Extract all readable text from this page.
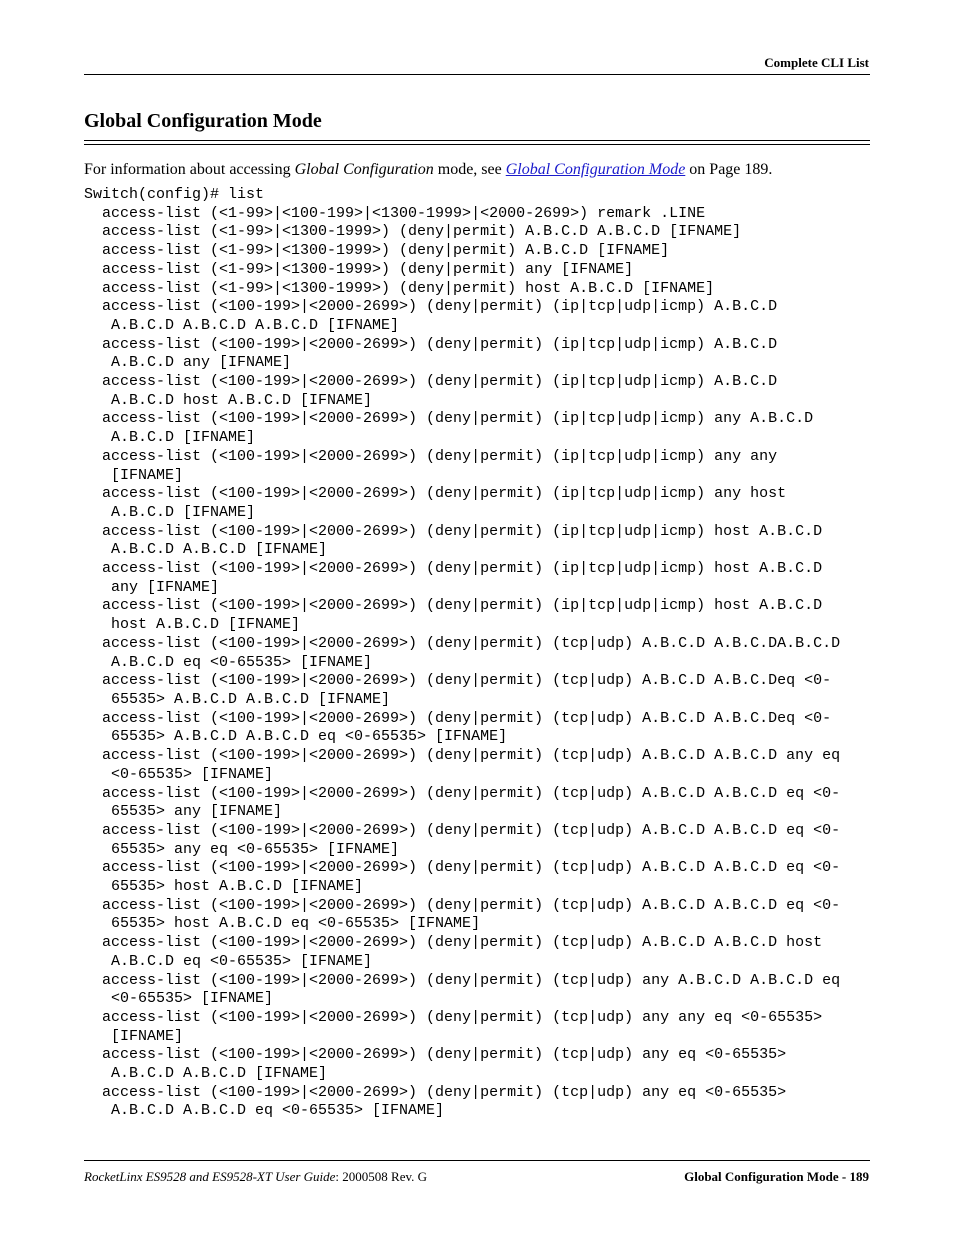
Complete CLI List
Global Configuration Mode

For information about accessing Global Configuration mode, see Global Configuration Mode on Page 189.

Switch(config)# list
access-list (<1-99>|<100-199>|<1300-1999>|<2000-2699>) remark .LINE
access-list (<1-99>|<1300-1999>) (deny|permit) A.B.C.D A.B.C.D [IFNAME]
access-list (<1-99>|<1300-1999>) (deny|permit) A.B.C.D [IFNAME]
access-list (<1-99>|<1300-1999>) (deny|permit) any [IFNAME]
access-list (<1-99>|<1300-1999>) (deny|permit) host A.B.C.D [IFNAME]
access-list (<100-199>|<2000-2699>) (deny|permit) (ip|tcp|udp|icmp) A.B.C.D
A.B.C.D A.B.C.D A.B.C.D [IFNAME]
access-list (<100-199>|<2000-2699>) (deny|permit) (ip|tcp|udp|icmp) A.B.C.D
A.B.C.D any [IFNAME]
access-list (<100-199>|<2000-2699>) (deny|permit) (ip|tcp|udp|icmp) A.B.C.D
A.B.C.D host A.B.C.D [IFNAME]
access-list (<100-199>|<2000-2699>) (deny|permit) (ip|tcp|udp|icmp) any A.B.C.D
A.B.C.D [IFNAME]
access-list (<100-199>|<2000-2699>) (deny|permit) (ip|tcp|udp|icmp) any any
[IFNAME]
access-list (<100-199>|<2000-2699>) (deny|permit) (ip|tcp|udp|icmp) any host
A.B.C.D [IFNAME]
access-list (<100-199>|<2000-2699>) (deny|permit) (ip|tcp|udp|icmp) host A.B.C.D
A.B.C.D A.B.C.D [IFNAME]
access-list (<100-199>|<2000-2699>) (deny|permit) (ip|tcp|udp|icmp) host A.B.C.D
any [IFNAME]
access-list (<100-199>|<2000-2699>) (deny|permit) (ip|tcp|udp|icmp) host A.B.C.D
host A.B.C.D [IFNAME]
access-list (<100-199>|<2000-2699>) (deny|permit) (tcp|udp) A.B.C.D A.B.C.DA.B.C.D
A.B.C.D eq <0-65535> [IFNAME]
access-list (<100-199>|<2000-2699>) (deny|permit) (tcp|udp) A.B.C.D A.B.C.Deq <0-
65535> A.B.C.D A.B.C.D [IFNAME]
access-list (<100-199>|<2000-2699>) (deny|permit) (tcp|udp) A.B.C.D A.B.C.Deq <0-
65535> A.B.C.D A.B.C.D eq <0-65535> [IFNAME]
access-list (<100-199>|<2000-2699>) (deny|permit) (tcp|udp) A.B.C.D A.B.C.D any eq
<0-65535> [IFNAME]
access-list (<100-199>|<2000-2699>) (deny|permit) (tcp|udp) A.B.C.D A.B.C.D eq <0-
65535> any [IFNAME]
access-list (<100-199>|<2000-2699>) (deny|permit) (tcp|udp) A.B.C.D A.B.C.D eq <0-
65535> any eq <0-65535> [IFNAME]
access-list (<100-199>|<2000-2699>) (deny|permit) (tcp|udp) A.B.C.D A.B.C.D eq <0-
65535> host A.B.C.D [IFNAME]
access-list (<100-199>|<2000-2699>) (deny|permit) (tcp|udp) A.B.C.D A.B.C.D eq <0-
65535> host A.B.C.D eq <0-65535> [IFNAME]
access-list (<100-199>|<2000-2699>) (deny|permit) (tcp|udp) A.B.C.D A.B.C.D host
A.B.C.D eq <0-65535> [IFNAME]
access-list (<100-199>|<2000-2699>) (deny|permit) (tcp|udp) any A.B.C.D A.B.C.D eq
<0-65535> [IFNAME]
access-list (<100-199>|<2000-2699>) (deny|permit) (tcp|udp) any any eq <0-65535>
[IFNAME]
access-list (<100-199>|<2000-2699>) (deny|permit) (tcp|udp) any eq <0-65535>
A.B.C.D A.B.C.D [IFNAME]
access-list (<100-199>|<2000-2699>) (deny|permit) (tcp|udp) any eq <0-65535>
A.B.C.D A.B.C.D eq <0-65535> [IFNAME]
RocketLinx ES9528 and ES9528-XT User Guide: 2000508 Rev. G	Global Configuration Mode - 189
